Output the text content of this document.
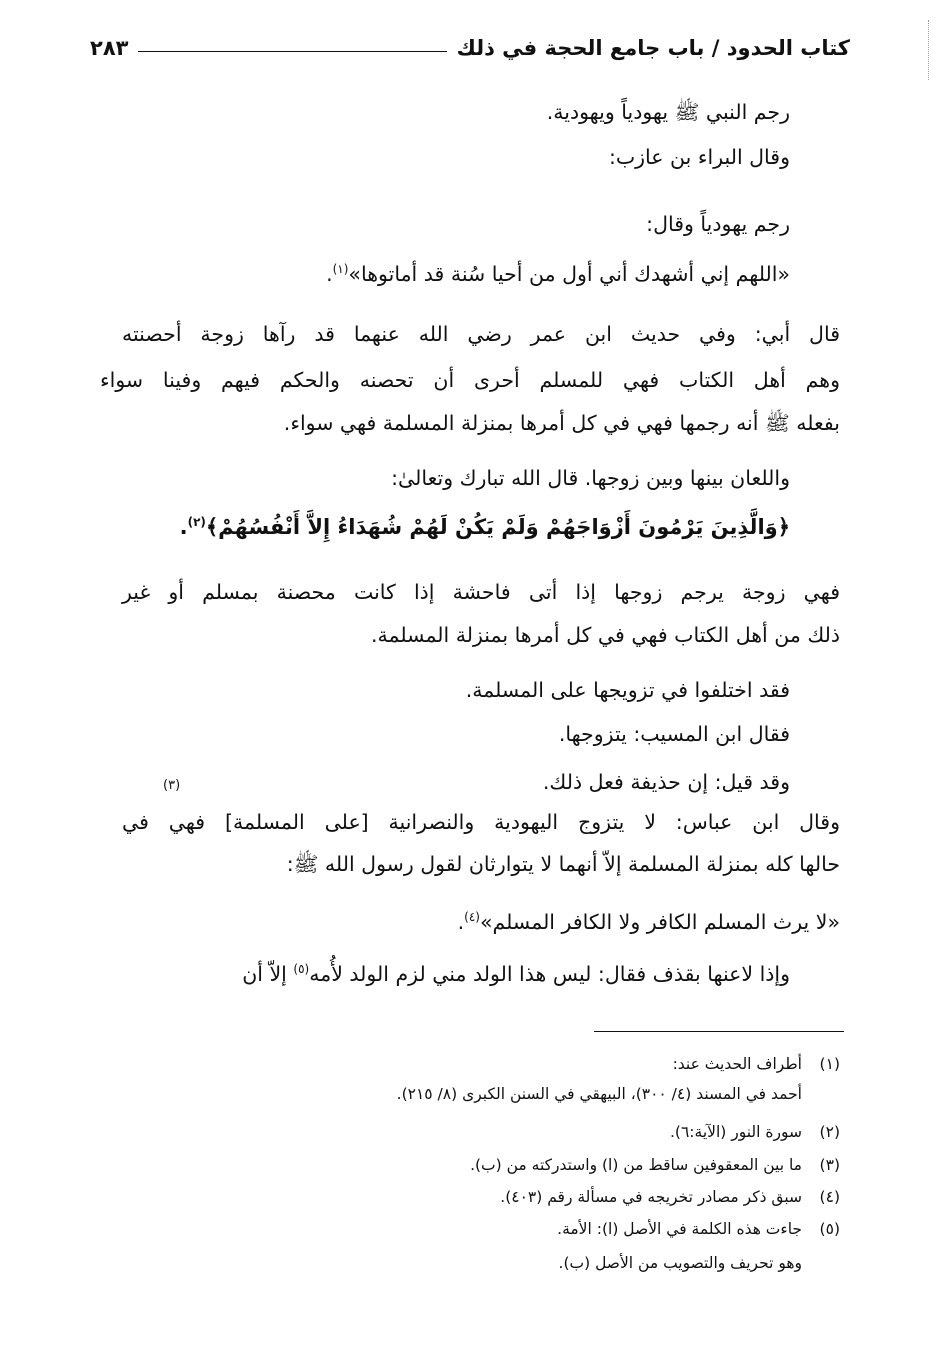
كتاب الحدود / باب جامع الحجة في ذلك
٢٨٣
رجم النبي ﷺ يهودياً ويهودية.
وقال البراء بن عازب:
رجم يهودياً وقال:
«اللهم إني أشهدك أني أول من أحيا سُنة قد أماتوها»$^{(١)}$.
قال أبي: وفي حديث ابن عمر رضي الله عنهما قد رآها زوجة أحصنته
وهم أهل الكتاب فهي للمسلم أحرى أن تحصنه والحكم فيهم وفينا سواء
بفعله ﷺ أنه رجمها فهي في كل أمرها بمنزلة المسلمة فهي سواء.
واللعان بينها وبين زوجها. قال الله تبارك وتعالىٰ:
﴿وَالَّذِينَ يَرْمُونَ أَزْوَاجَهُمْ وَلَمْ يَكُنْ لَهُمْ شُهَدَاءُ إِلاَّ أَنْفُسُهُمْ﴾$^{(٢)}$.
فهي زوجة يرجم زوجها إذا أتى فاحشة إذا كانت محصنة بمسلم أو غير
ذلك من أهل الكتاب فهي في كل أمرها بمنزلة المسلمة.
فقد اختلفوا في تزويجها على المسلمة.
فقال ابن المسيب: يتزوجها.
وقد قيل: إن حذيفة فعل ذلك.
(٣)
وقال ابن عباس: لا يتزوج اليهودية والنصرانية [على المسلمة] فهي في
حالها كله بمنزلة المسلمة إلاّ أنهما لا يتوارثان لقول رسول الله ﷺ:
«لا يرث المسلم الكافر ولا الكافر المسلم»$^{(٤)}$.
وإذا لاعنها بقذف فقال: ليس هذا الولد مني لزم الولد لأُمه$^{(٥)}$ إلاّ أن
(١)أطراف الحديث عند:
أحمد في المسند (٤/ ٣٠٠)، البيهقي في السنن الكبرى (٨/ ٢١٥).
(٢)سورة النور (الآية:٦).
(٣)ما بين المعقوفين ساقط من (ا) واستدركته من (ب).
(٤)سبق ذكر مصادر تخريجه في مسألة رقم (٤٠٣).
(٥)جاءت هذه الكلمة في الأصل (ا): الأمة.
وهو تحريف والتصويب من الأصل (ب).
